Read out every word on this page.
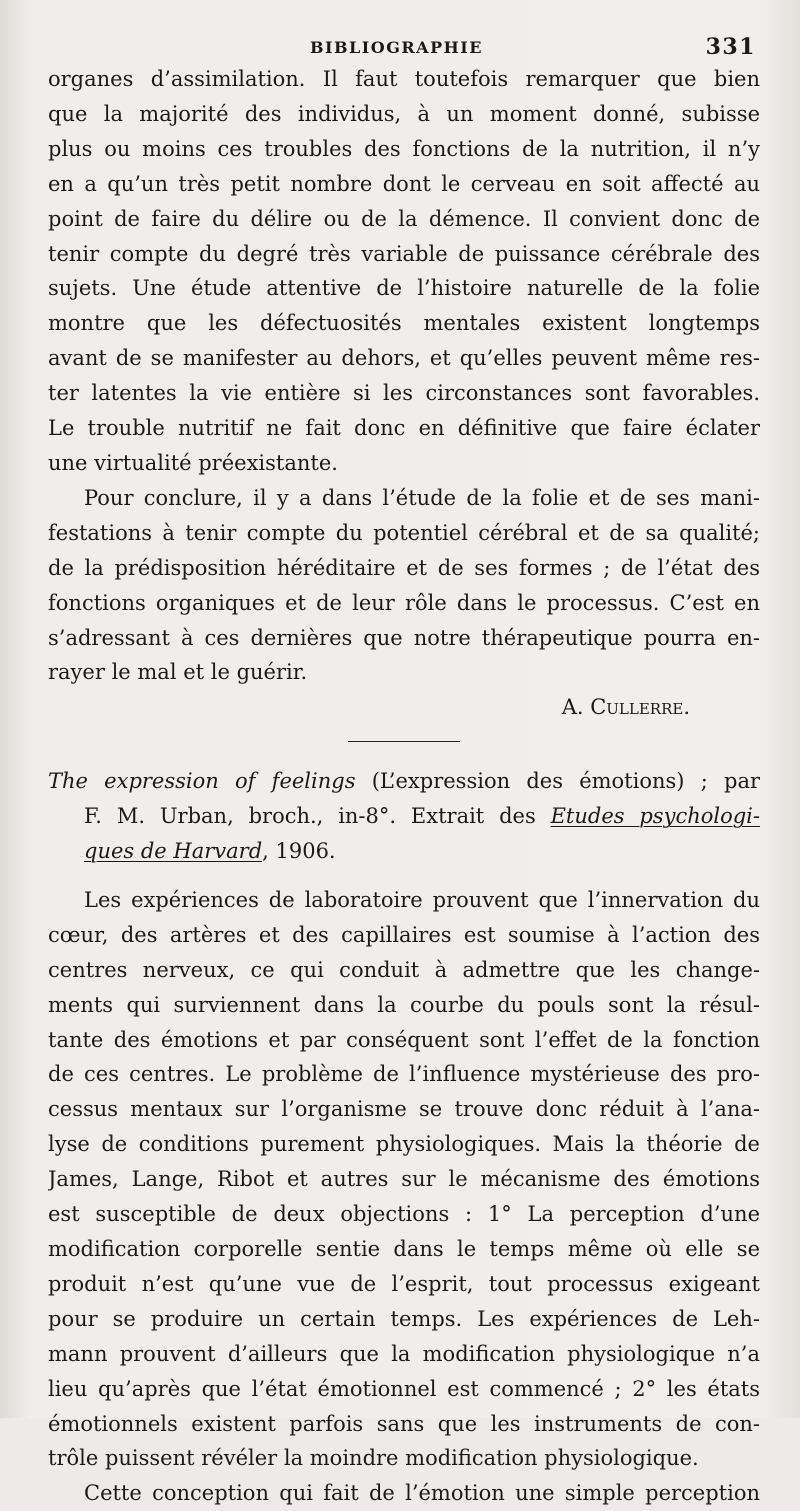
BIBLIOGRAPHIE	331
organes d’assimilation. Il faut toutefois remarquer que bien
que la majorité des individus, à un moment donné, subisse
plus ou moins ces troubles des fonctions de la nutrition, il n’y
en a qu’un très petit nombre dont le cerveau en soit affecté au
point de faire du délire ou de la démence. Il convient donc de
tenir compte du degré très variable de puissance cérébrale des
sujets. Une étude attentive de l’histoire naturelle de la folie
montre que les défectuosités mentales existent longtemps
avant de se manifester au dehors, et qu’elles peuvent même res-
ter latentes la vie entière si les circonstances sont favorables.
Le trouble nutritif ne fait donc en définitive que faire éclater
une virtualité préexistante.
Pour conclure, il y a dans l’étude de la folie et de ses mani-
festations à tenir compte du potentiel cérébral et de sa qualité;
de la prédisposition héréditaire et de ses formes ; de l’état des
fonctions organiques et de leur rôle dans le processus. C’est en
s’adressant à ces dernières que notre thérapeutique pourra en-
rayer le mal et le guérir.
A. Cullerre.
The expression of feelings (L’expression des émotions) ; par
F. M. Urban, broch., in-8°. Extrait des Etudes psychologi-
ques de Harvard, 1906.
Les expériences de laboratoire prouvent que l’innervation du
cœur, des artères et des capillaires est soumise à l’action des
centres nerveux, ce qui conduit à admettre que les change-
ments qui surviennent dans la courbe du pouls sont la résul-
tante des émotions et par conséquent sont l’effet de la fonction
de ces centres. Le problème de l’influence mystérieuse des pro-
cessus mentaux sur l’organisme se trouve donc réduit à l’ana-
lyse de conditions purement physiologiques. Mais la théorie de
James, Lange, Ribot et autres sur le mécanisme des émotions
est susceptible de deux objections : 1° La perception d’une
modification corporelle sentie dans le temps même où elle se
produit n’est qu’une vue de l’esprit, tout processus exigeant
pour se produire un certain temps. Les expériences de Leh-
mann prouvent d’ailleurs que la modification physiologique n’a
lieu qu’après que l’état émotionnel est commencé ; 2° les états
émotionnels existent parfois sans que les instruments de con-
trôle puissent révéler la moindre modification physiologique.
Cette conception qui fait de l’émotion une simple perception
